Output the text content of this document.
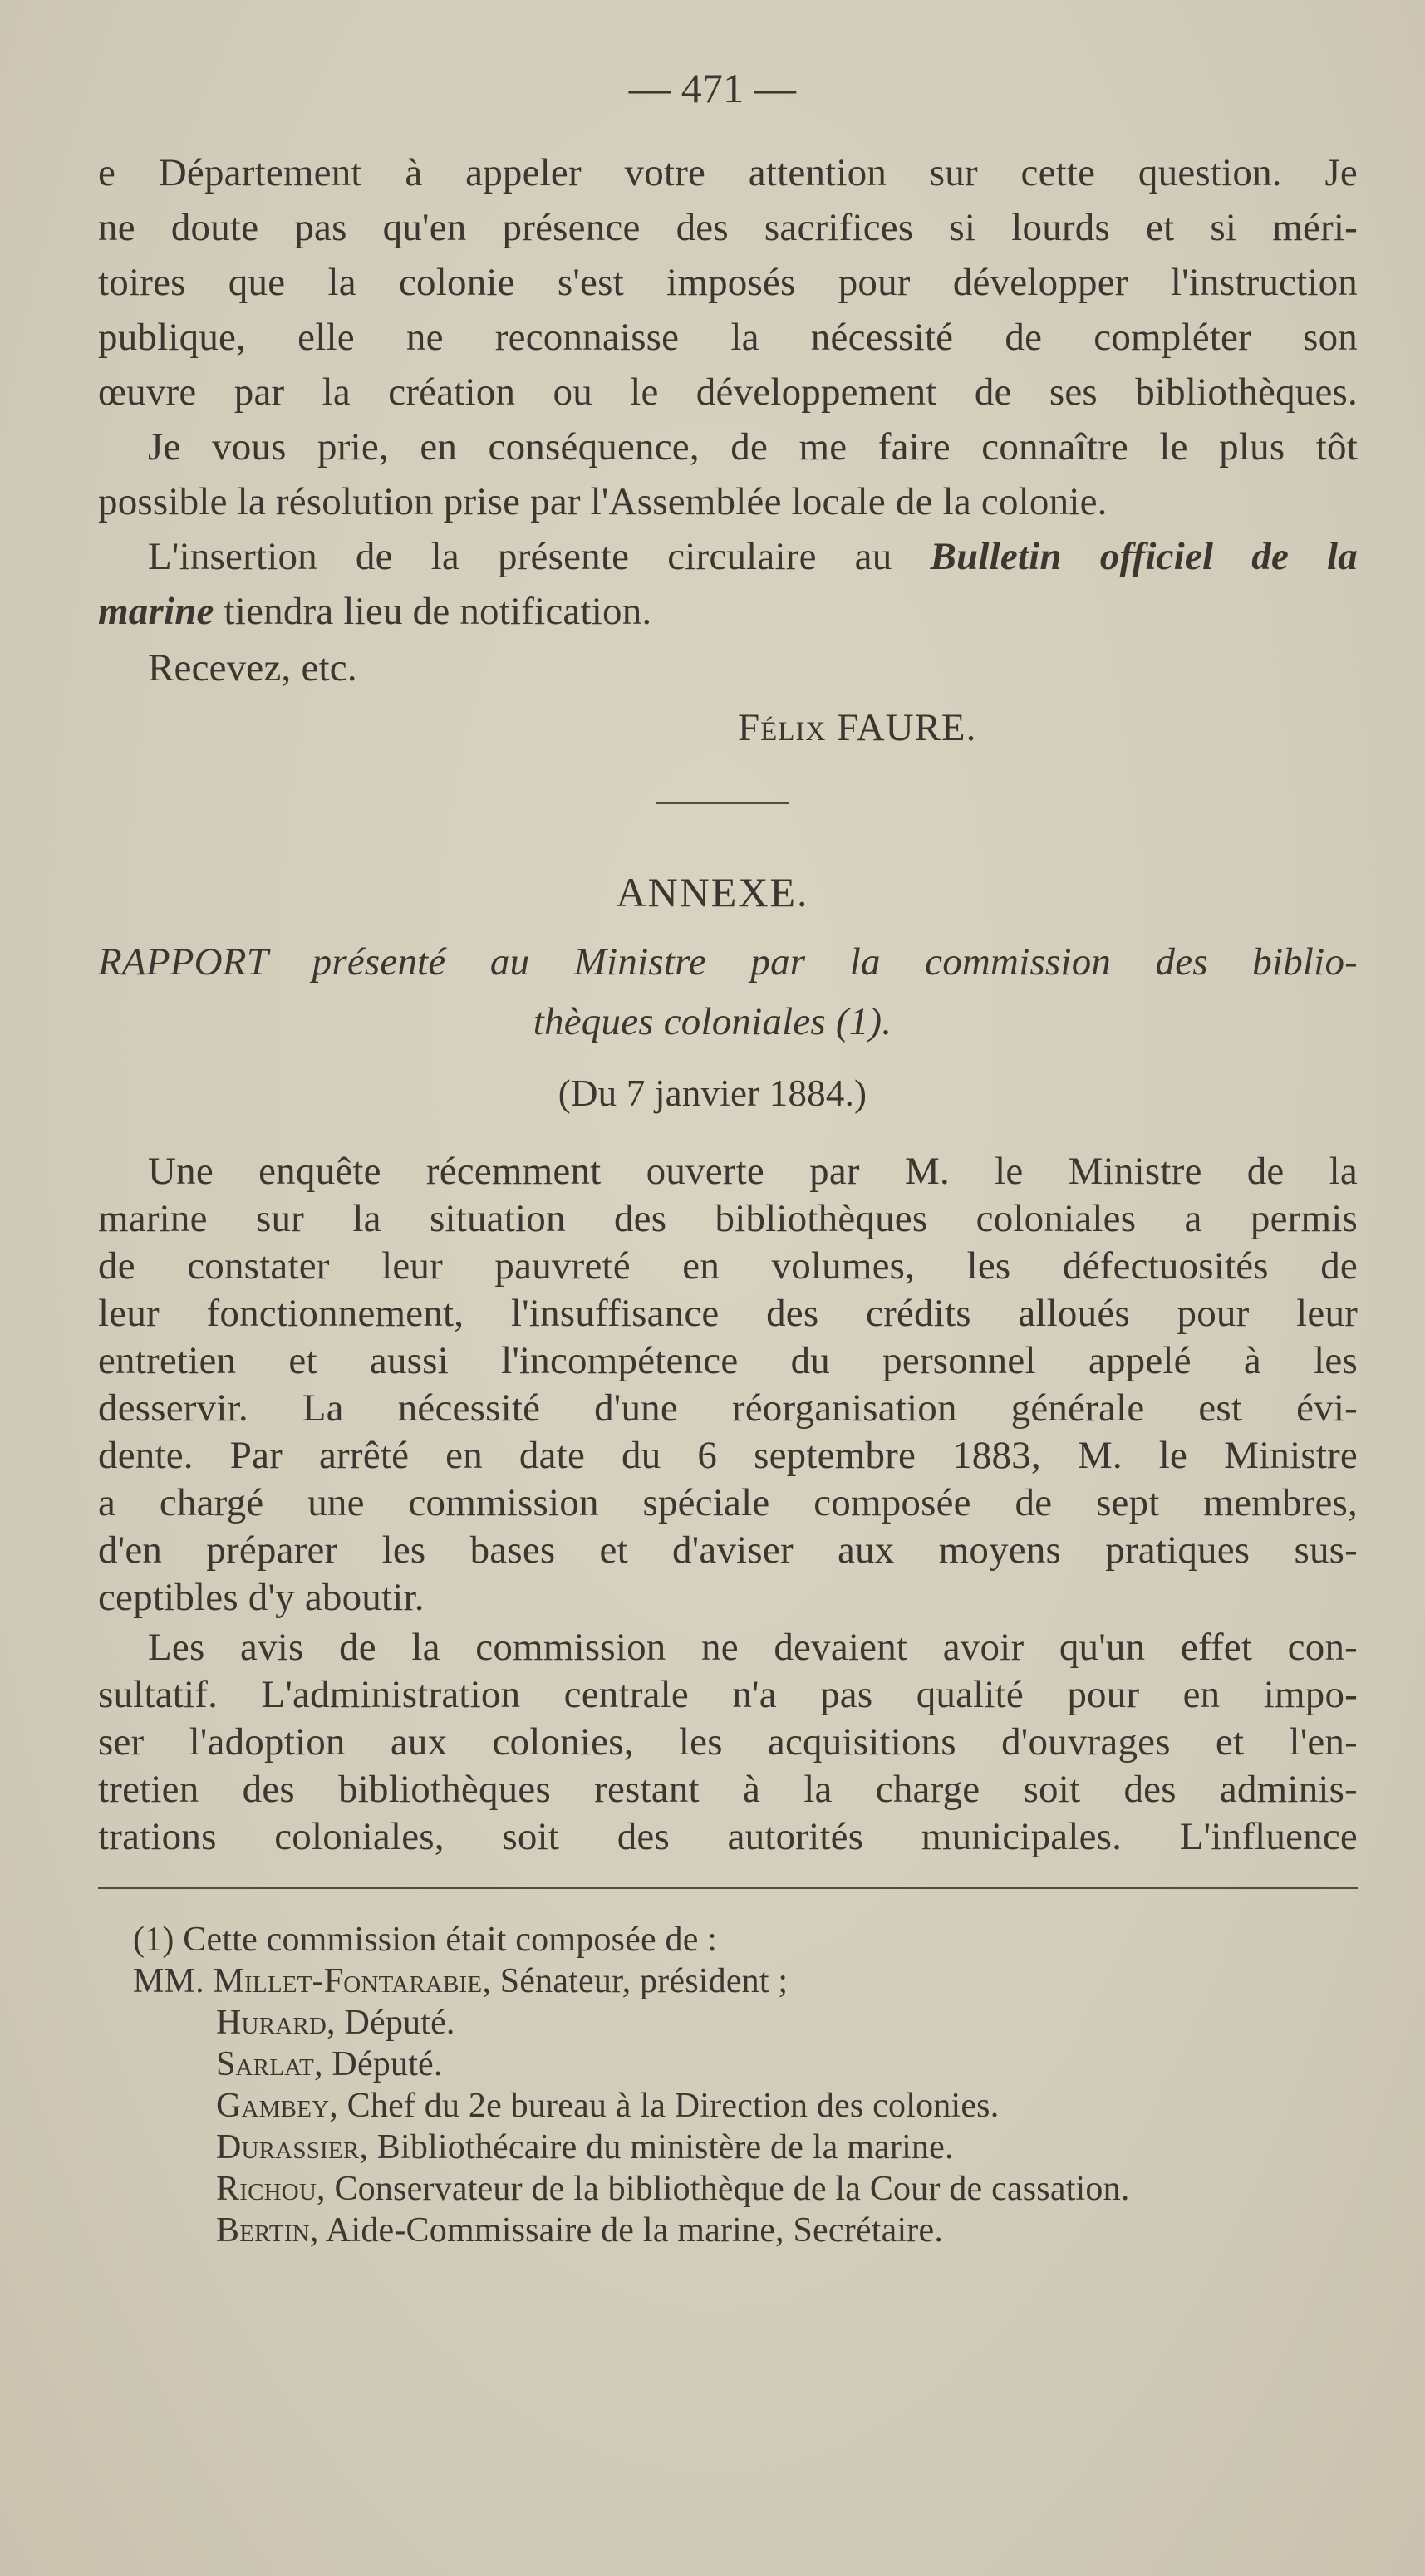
— 471 —
e Département à appeler votre attention sur cette question. Je
ne doute pas qu'en présence des sacrifices si lourds et si méri-
toires que la colonie s'est imposés pour développer l'instruction
publique, elle ne reconnaisse la nécessité de compléter son
œuvre par la création ou le développement de ses bibliothèques.
Je vous prie, en conséquence, de me faire connaître le plus tôt
possible la résolution prise par l'Assemblée locale de la colonie.
L'insertion de la présente circulaire au Bulletin officiel de la
marine tiendra lieu de notification.
Recevez, etc.
Félix FAURE.
ANNEXE.
RAPPORT présenté au Ministre par la commission des biblio-
thèques coloniales (1).
(Du 7 janvier 1884.)
Une enquête récemment ouverte par M. le Ministre de la
marine sur la situation des bibliothèques coloniales a permis
de constater leur pauvreté en volumes, les défectuosités de
leur fonctionnement, l'insuffisance des crédits alloués pour leur
entretien et aussi l'incompétence du personnel appelé à les
desservir. La nécessité d'une réorganisation générale est évi-
dente. Par arrêté en date du 6 septembre 1883, M. le Ministre
a chargé une commission spéciale composée de sept membres,
d'en préparer les bases et d'aviser aux moyens pratiques sus-
ceptibles d'y aboutir.
Les avis de la commission ne devaient avoir qu'un effet con-
sultatif. L'administration centrale n'a pas qualité pour en impo-
ser l'adoption aux colonies, les acquisitions d'ouvrages et l'en-
tretien des bibliothèques restant à la charge soit des adminis-
trations coloniales, soit des autorités municipales. L'influence
(1) Cette commission était composée de :
MM. Millet-Fontarabie, Sénateur, président ;
Hurard, Député.
Sarlat, Député.
Gambey, Chef du 2e bureau à la Direction des colonies.
Durassier, Bibliothécaire du ministère de la marine.
Richou, Conservateur de la bibliothèque de la Cour de cassation.
Bertin, Aide-Commissaire de la marine, Secrétaire.
